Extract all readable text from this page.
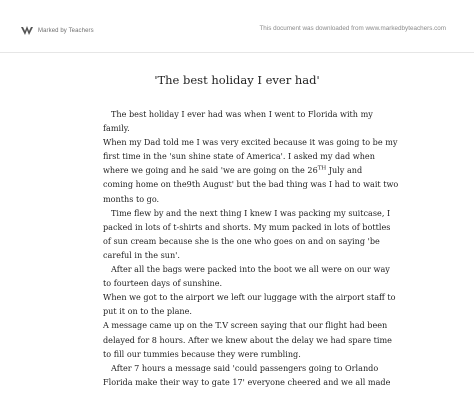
Marked by Teachers	This document was downloaded from www.markedbyteachers.com
'The best holiday I ever had'
The best holiday I ever had was when I went to Florida with my
family.
When my Dad told me I was very excited because it was going to be my
first time in the 'sun shine state of America'. I asked my dad when
where we going and he said 'we are going on the 26TH July and
coming home on the9th August' but the bad thing was I had to wait two
months to go.
Time flew by and the next thing I knew I was packing my suitcase, I
packed in lots of t-shirts and shorts. My mum packed in lots of bottles
of sun cream because she is the one who goes on and on saying 'be
careful in the sun'.
After all the bags were packed into the boot we all were on our way
to fourteen days of sunshine.
When we got to the airport we left our luggage with the airport staff to
put it on to the plane.
A message came up on the T.V screen saying that our flight had been
delayed for 8 hours. After we knew about the delay we had spare time
to fill our tummies because they were rumbling.
After 7 hours a message said 'could passengers going to Orlando
Florida make their way to gate 17' everyone cheered and we all made
